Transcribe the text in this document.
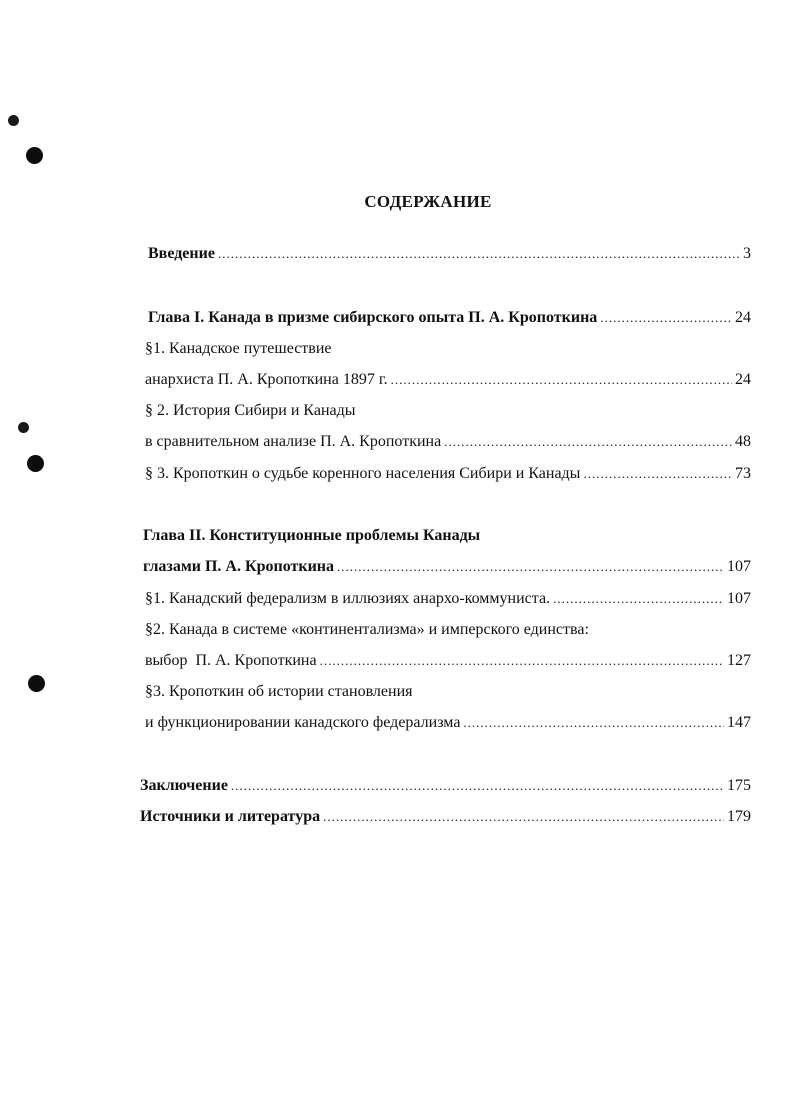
СОДЕРЖАНИЕ
Введение .....	3
Глава I. Канада в призме сибирского опыта П. А. Кропоткина .....	24
§1. Канадское путешествие
анархиста П. А. Кропоткина 1897 г. .....	24
§ 2. История Сибири и Канады
в сравнительном анализе П. А. Кропоткина .....	48
§ 3. Кропоткин о судьбе коренного населения Сибири и Канады .....	73
Глава II. Конституционные проблемы Канады
глазами П. А. Кропоткина .....	107
§1. Канадский федерализм в иллюзиях анархо-коммуниста. .....	107
§2. Канада в системе «континентализма» и имперского единства:
выбор  П. А. Кропоткина .....	127
§3. Кропоткин об истории становления
и функционировании канадского федерализма .....	147
Заключение .....	175
Источники и литература .....	179
